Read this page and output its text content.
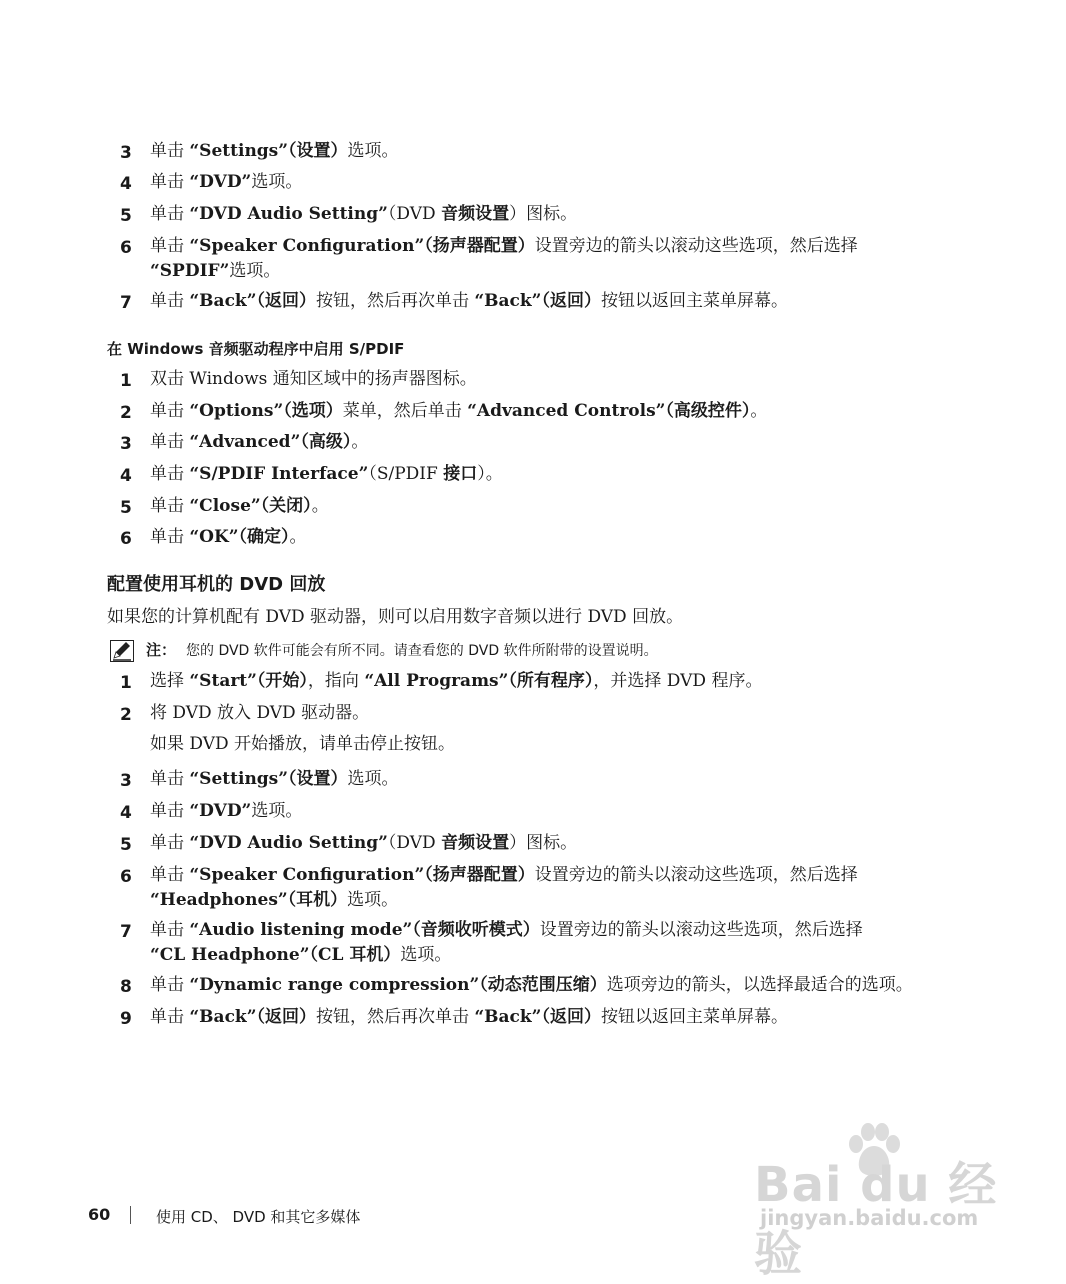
3	单击 “Settings”（设置）选项。
4	单击 “DVD”选项。
5	单击 “DVD Audio Setting”（DVD 音频设置）图标。
6	单击 “Speaker Configuration”（扬声器配置）设置旁边的箭头以滚动这些选项，然后选择
“SPDIF”选项。
7	单击 “Back”（返回）按钮，然后再次单击 “Back”（返回）按钮以返回主菜单屏幕。
在 Windows 音频驱动程序中启用 S/PDIF
1	双击 Windows 通知区域中的扬声器图标。
2	单击 “Options”（选项）菜单，然后单击 “Advanced Controls”（高级控件）。
3	单击 “Advanced”（高级）。
4	单击 “S/PDIF Interface”（S/PDIF 接口）。
5	单击 “Close”（关闭）。
6	单击 “OK”（确定）。
配置使用耳机的 DVD 回放
如果您的计算机配有 DVD 驱动器，则可以启用数字音频以进行 DVD 回放。
注： 您的 DVD 软件可能会有所不同。请查看您的 DVD 软件所附带的设置说明。
1	选择 “Start”（开始），指向 “All Programs”（所有程序），并选择 DVD 程序。
2	将 DVD 放入 DVD 驱动器。
如果 DVD 开始播放，请单击停止按钮。
3	单击 “Settings”（设置）选项。
4	单击 “DVD”选项。
5	单击 “DVD Audio Setting”（DVD 音频设置）图标。
6	单击 “Speaker Configuration”（扬声器配置）设置旁边的箭头以滚动这些选项，然后选择
“Headphones”（耳机）选项。
7	单击 “Audio listening mode”（音频收听模式）设置旁边的箭头以滚动这些选项，然后选择
“CL Headphone”（CL 耳机）选项。
8	单击 “Dynamic range compression”（动态范围压缩）选项旁边的箭头，以选择最适合的选项。
9	单击 “Back”（返回）按钮，然后再次单击 “Back”（返回）按钮以返回主菜单屏幕。
60	使用 CD、 DVD 和其它多媒体
Bai du 经验
jingyan.baidu.com
